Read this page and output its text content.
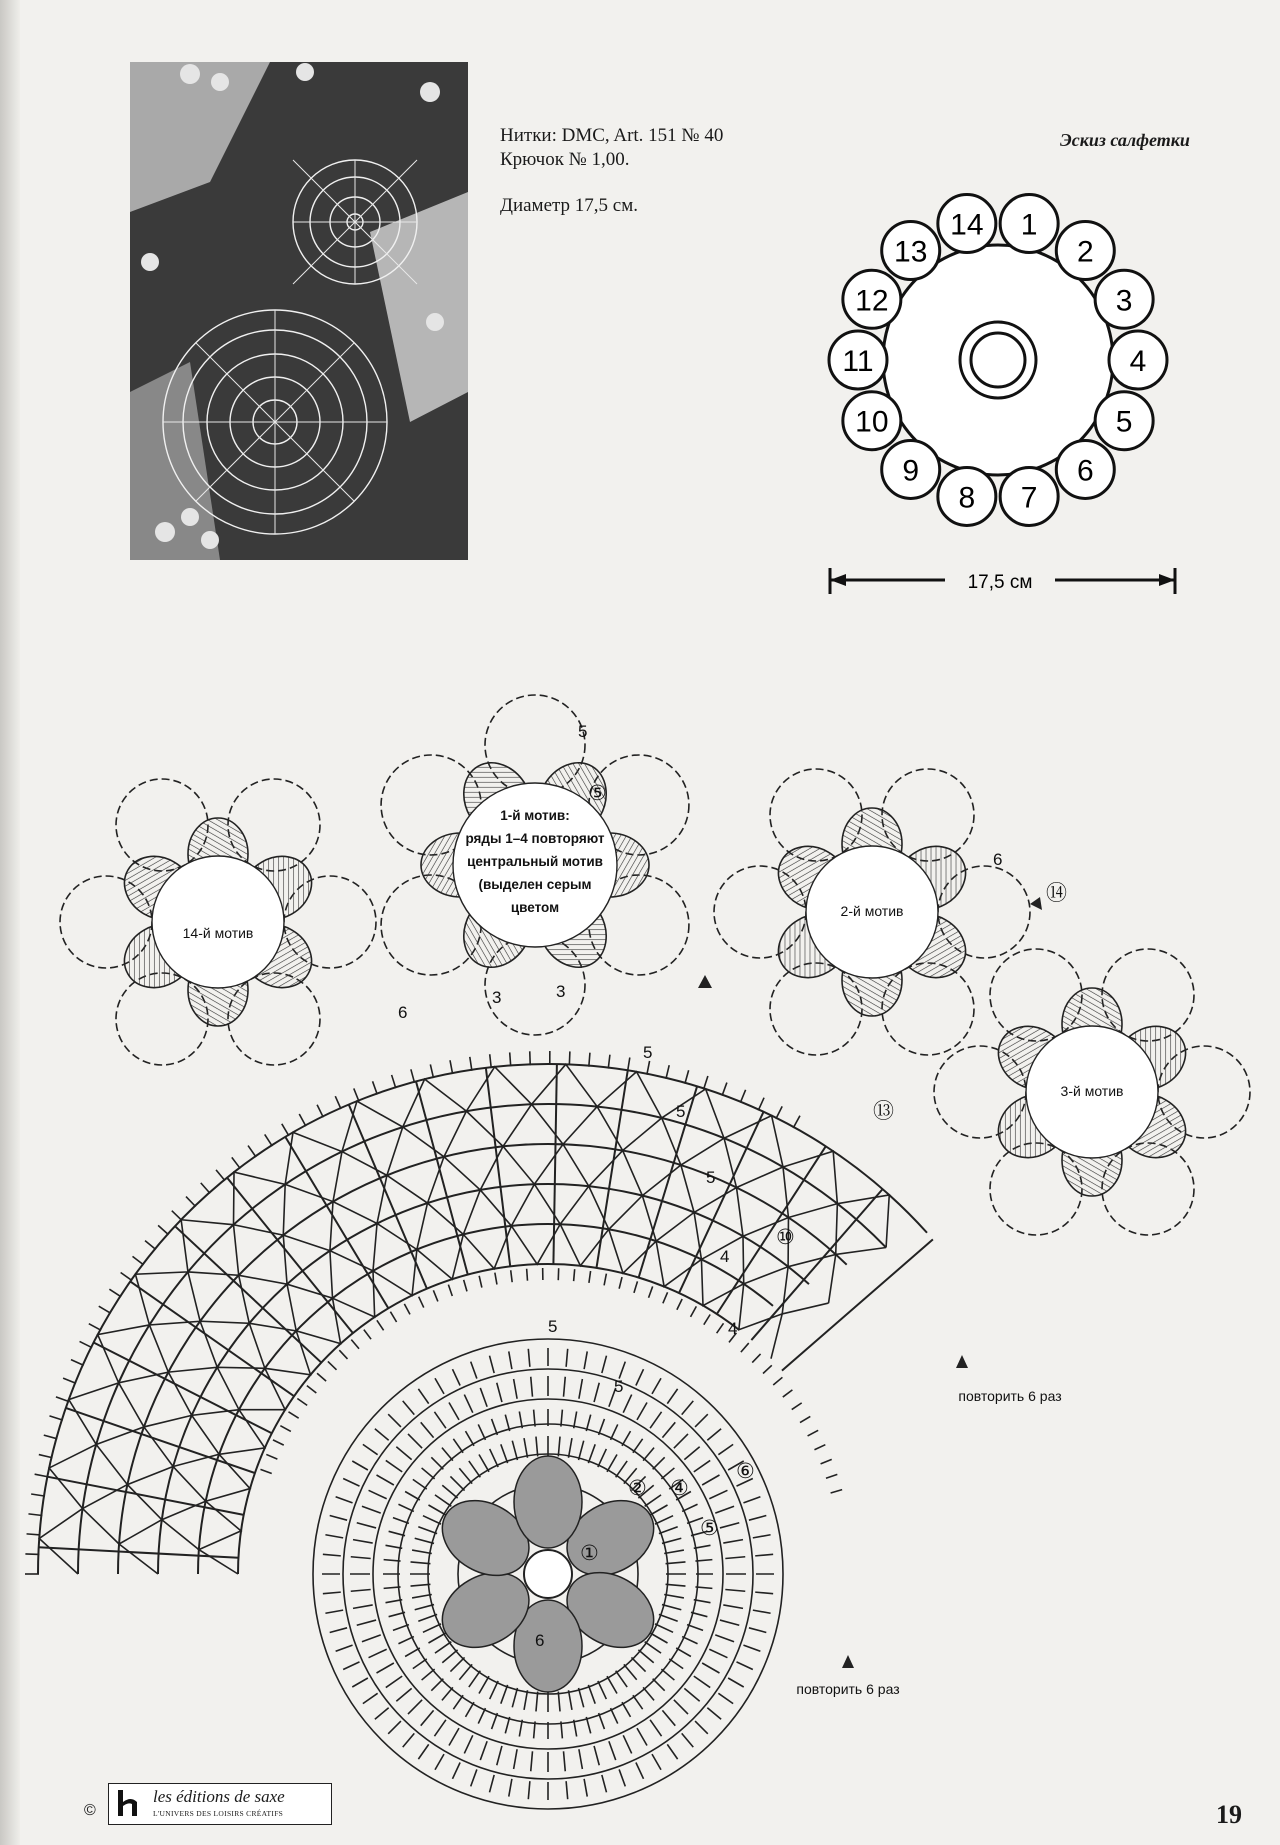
Нитки: DMC, Art. 151 № 40
Крючок № 1,00.
Диаметр 17,5 см.
Эскиз салфетки
1
2
3
4
5
6
7
8
9
10
11
12
13
14
17,5 см
1-й мотив:
ряды 1–4 повторяют
центральный мотив
(выделен серым
цветом	2-й мотив
3-й мотив
14-й мотив
повторить 6 раз
повторить 6 раз
①
② ④
⑤
⑥
⑩
⑬
⑭
⑤
5
6
3	3
5
5
5
4
4
5
5
6
6
©
les éditions de saxe
L'UNIVERS DES LOISIRS CRÉATIFS	19
